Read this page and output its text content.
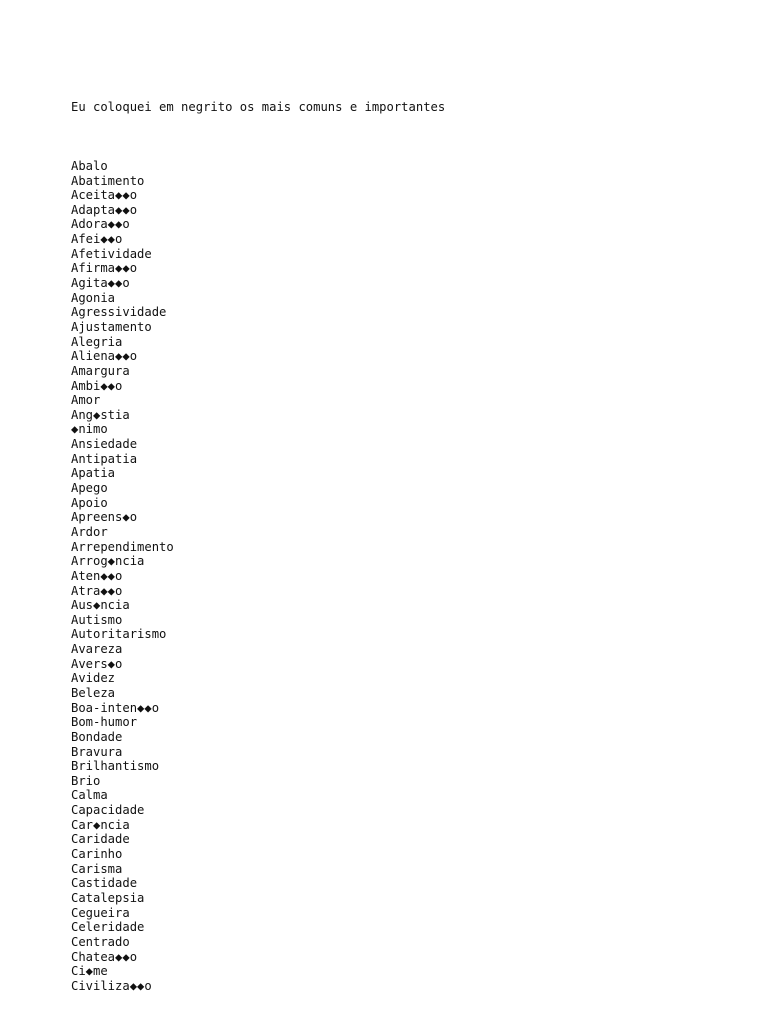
Eu coloquei em negrito os mais comuns e importantes

Abalo
Abatimento
Aceita◆◆o
Adapta◆◆o
Adora◆◆o
Afei◆◆o
Afetividade
Afirma◆◆o
Agita◆◆o
Agonia
Agressividade
Ajustamento
Alegria
Aliena◆◆o
Amargura
Ambi◆◆o
Amor
Ang◆stia
◆nimo
Ansiedade
Antipatia
Apatia
Apego
Apoio
Apreens◆o
Ardor
Arrependimento
Arrog◆ncia
Aten◆◆o
Atra◆◆o
Aus◆ncia
Autismo
Autoritarismo
Avareza
Avers◆o
Avidez
Beleza
Boa-inten◆◆o
Bom-humor
Bondade
Bravura
Brilhantismo
Brio
Calma
Capacidade
Car◆ncia
Caridade
Carinho
Carisma
Castidade
Catalepsia
Cegueira
Celeridade
Centrado
Chatea◆◆o
Ci◆me
Civiliza◆◆o
